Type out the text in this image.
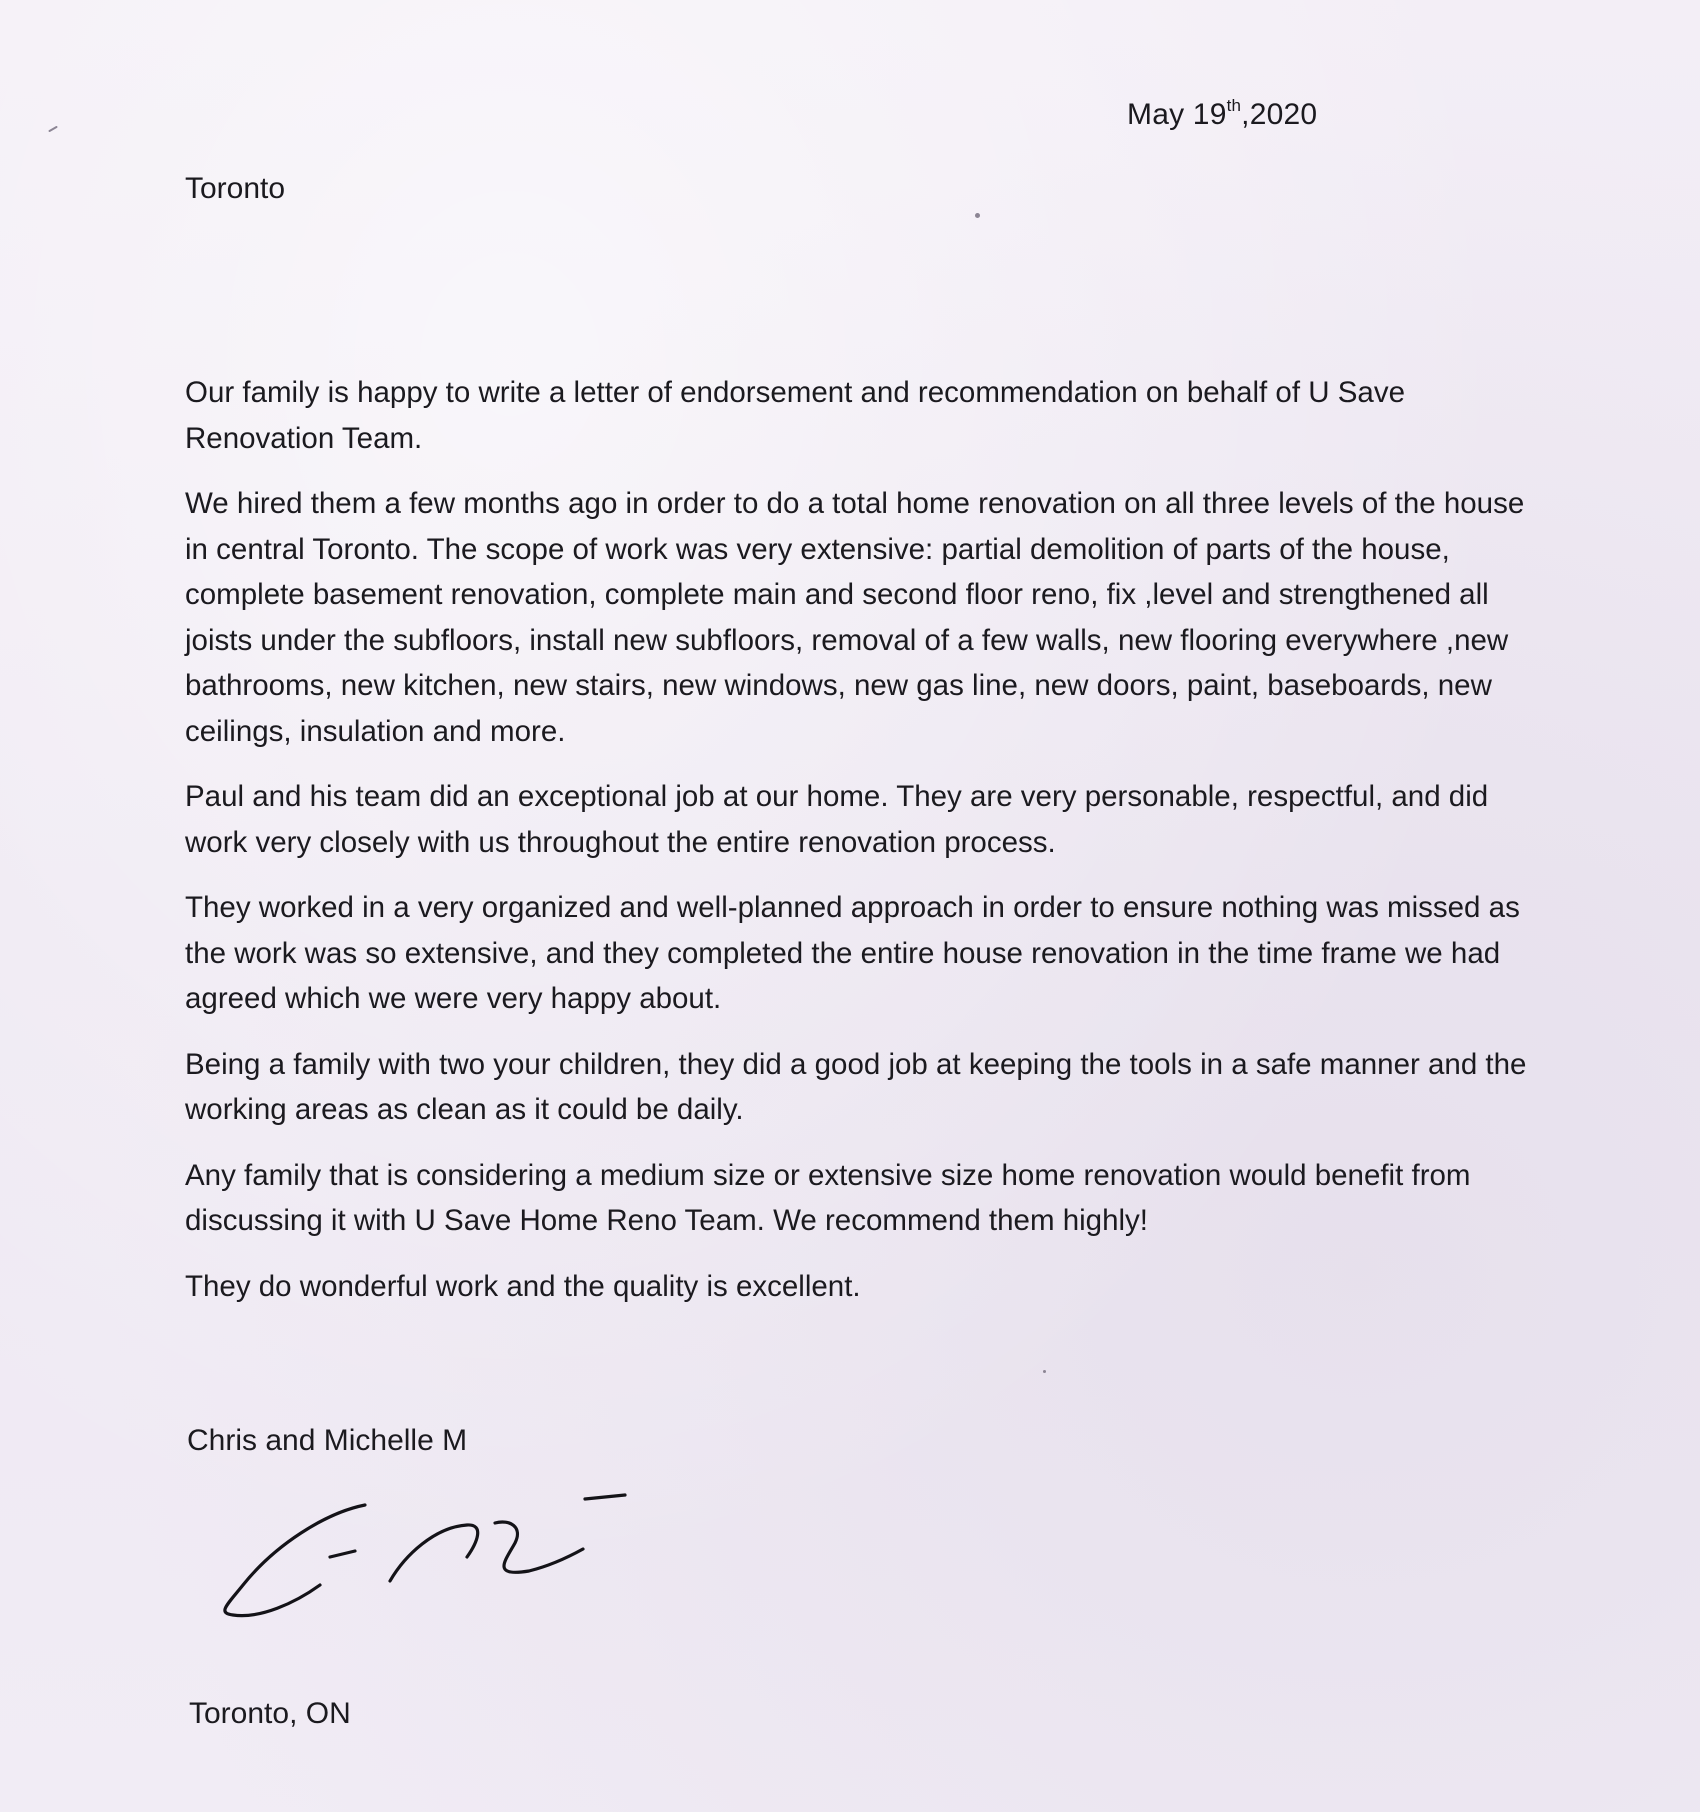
May 19th,2020
Toronto

Our family is happy to write a letter of endorsement and recommendation on behalf of U Save Renovation Team.

We hired them a few months ago in order to do a total home renovation on all three levels of the house in central Toronto. The scope of work was very extensive: partial demolition of parts of the house, complete basement renovation, complete main and second floor reno, fix ,level and strengthened all joists under the subfloors, install new subfloors, removal of a few walls, new flooring everywhere ,new bathrooms, new kitchen, new stairs, new windows, new gas line, new doors, paint, baseboards, new ceilings, insulation and more.

Paul and his team did an exceptional job at our home. They are very personable, respectful, and did work very closely with us throughout the entire renovation process.

They worked in a very organized and well-planned approach in order to ensure nothing was missed as the work was so extensive, and they completed the entire house renovation in the time frame we had agreed which we were very happy about.

Being a family with two your children, they did a good job at keeping the tools in a safe manner and the working areas as clean as it could be daily.

Any family that is considering a medium size or extensive size home renovation would benefit from discussing it with U Save Home Reno Team. We recommend them highly!

They do wonderful work and the quality is excellent.

Chris and Michelle M
Toronto, ON
